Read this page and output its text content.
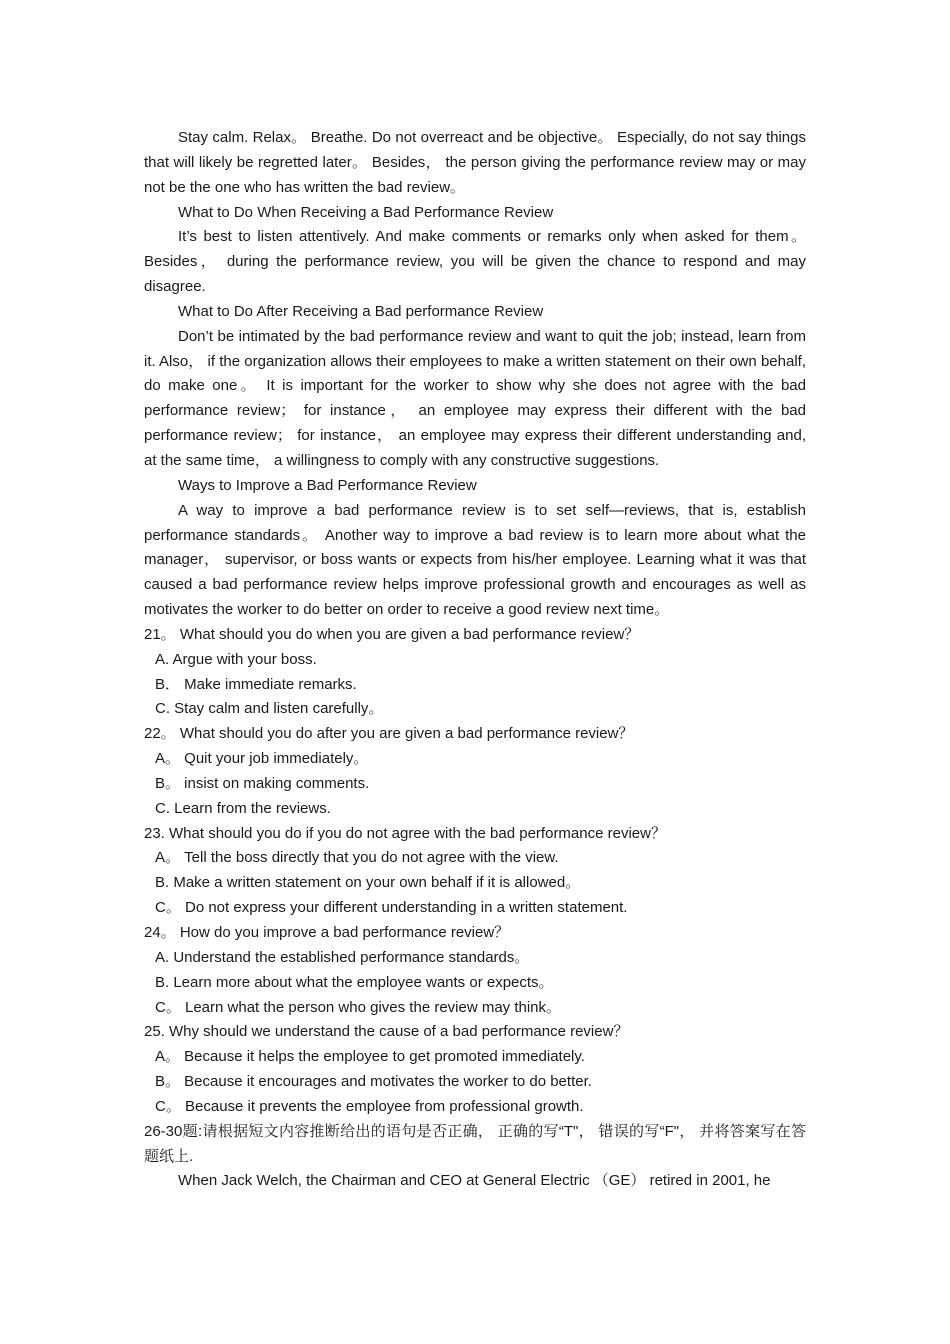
Stay calm. Relax。 Breathe. Do not overreact and be objective。 Especially, do not say things that will likely be regretted later。 Besides， the person giving the performance review may or may not be the one who has written the bad review。

What to Do When Receiving a Bad Performance Review

It’s best to listen attentively. And make comments or remarks only when asked for them。 Besides， during the performance review, you will be given the chance to respond and may disagree.

What to Do After Receiving a Bad performance Review

Don’t be intimated by the bad performance review and want to quit the job; instead, learn from it. Also， if the organization allows their employees to make a written statement on their own behalf, do make one。 It is important for the worker to show why she does not agree with the bad performance review； for instance， an employee may express their different with the bad performance review； for instance， an employee may express their different understanding and, at the same time， a willingness to comply with any constructive suggestions.

Ways to Improve a Bad Performance Review

A way to improve a bad performance review is to set self—reviews, that is, establish performance standards。 Another way to improve a bad review is to learn more about what the manager， supervisor, or boss wants or expects from his/her employee. Learning what it was that caused a bad performance review helps improve professional growth and encourages as well as motivates the worker to do better on order to receive a good review next time。

21。 What should you do when you are given a bad performance review？

A. Argue with your boss.

B． Make immediate remarks.

C. Stay calm and listen carefully。

22。 What should you do after you are given a bad performance review？

A。 Quit your job immediately。

B。 insist on making comments.

C. Learn from the reviews.

23. What should you do if you do not agree with the bad performance review？

A。 Tell the boss directly that you do not agree with the view.

B. Make a written statement on your own behalf if it is allowed。

C。 Do not express your different understanding in a written statement.

24。 How do you improve a bad performance review？

A. Understand the established performance standards。

B. Learn more about what the employee wants or expects。

C。 Learn what the person who gives the review may think。

25. Why should we understand the cause of a bad performance review？

A。 Because it helps the employee to get promoted immediately.

B。 Because it encourages and motivates the worker to do better.

C。 Because it prevents the employee from professional growth.

26-30题:请根据短文内容推断给出的语句是否正确， 正确的写“T"， 错误的写“F"， 并将答案写在答题纸上.

When Jack Welch, the Chairman and CEO at General Electric （GE） retired in 2001, he
